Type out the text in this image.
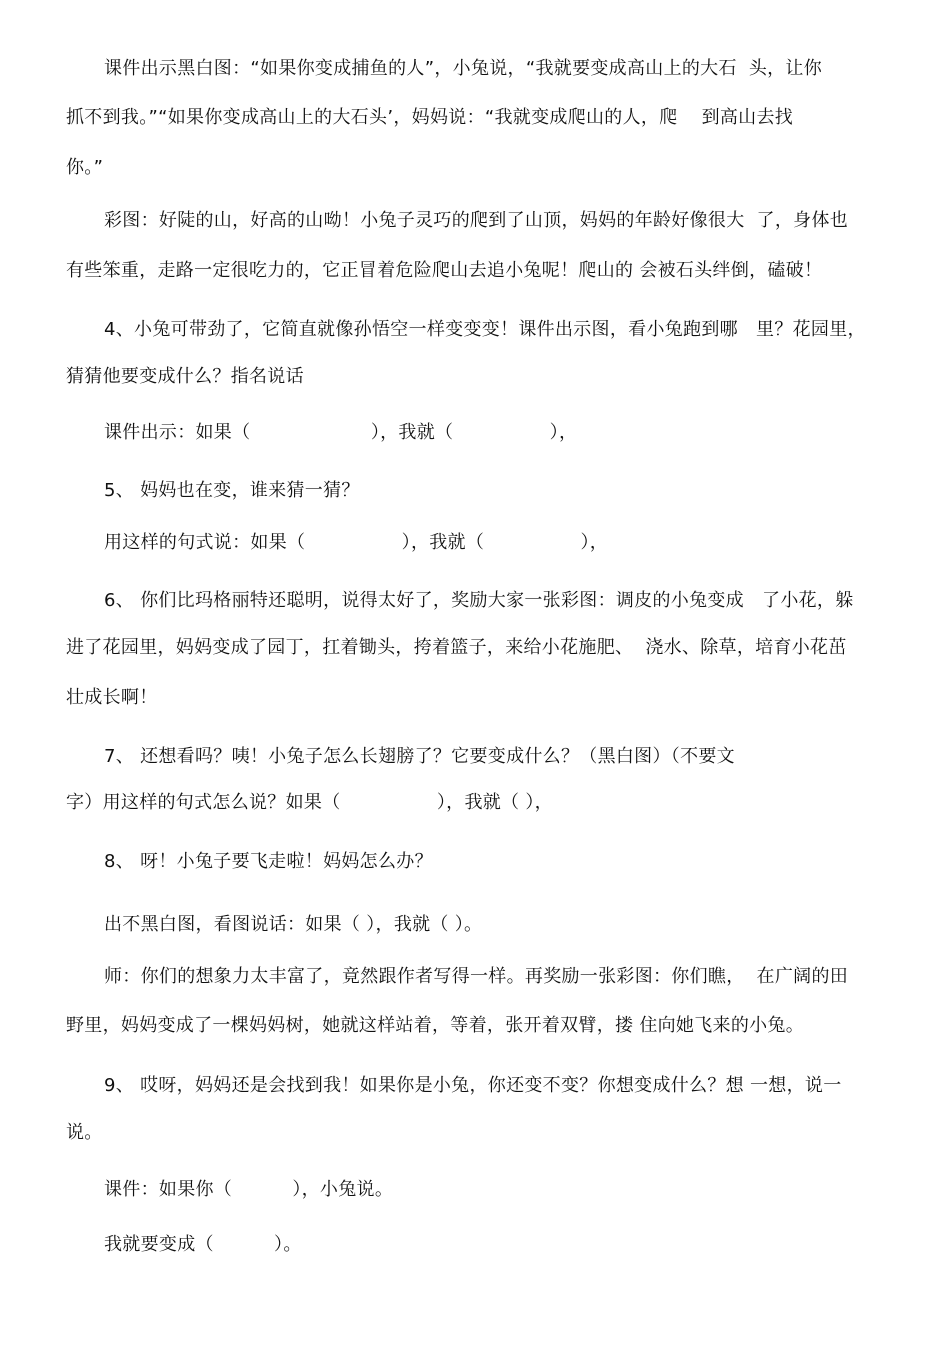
课件出示黑白图：“如果你变成捕鱼的人”，小兔说，“我就要变成高山上的大石  头，让你
抓不到我。”“如果你变成高山上的大石头’，妈妈说：“我就变成爬山的人，爬    到高山去找
你。”
彩图：好陡的山，好高的山呦！小兔子灵巧的爬到了山顶，妈妈的年龄好像很大  了，身体也
有些笨重，走路一定很吃力的，它正冒着危险爬山去追小兔呢！爬山的 会被石头绊倒，磕破！
4、小兔可带劲了，它简直就像孙悟空一样变变变！课件出示图，看小兔跑到哪   里？花园里，
猜猜他要变成什么？指名说话
课件出示：如果（                    ），我就（                ），
5、 妈妈也在变，谁来猜一猜？
用这样的句式说：如果（                ），我就（                ），
6、 你们比玛格丽特还聪明，说得太好了，奖励大家一张彩图：调皮的小兔变成   了小花，躲
进了花园里，妈妈变成了园丁，扛着锄头，挎着篮子，来给小花施肥、  浇水、除草，培育小花茁
壮成长啊！
7、 还想看吗？咦！小兔子怎么长翅膀了？它要变成什么？（黑白图）（不要文
字）用这样的句式怎么说？如果（                ），我就（ ），
8、 呀！小兔子要飞走啦！妈妈怎么办？
出不黑白图，看图说话：如果（ ），我就（ ）。
师：你们的想象力太丰富了，竟然跟作者写得一样。再奖励一张彩图：你们瞧，  在广阔的田
野里，妈妈变成了一棵妈妈树，她就这样站着，等着，张开着双臂，搂 住向她飞来的小兔。
9、 哎呀，妈妈还是会找到我！如果你是小兔，你还变不变？你想变成什么？想 一想，说一
说。
课件：如果你（          ），小兔说。
我就要变成（          ）。
